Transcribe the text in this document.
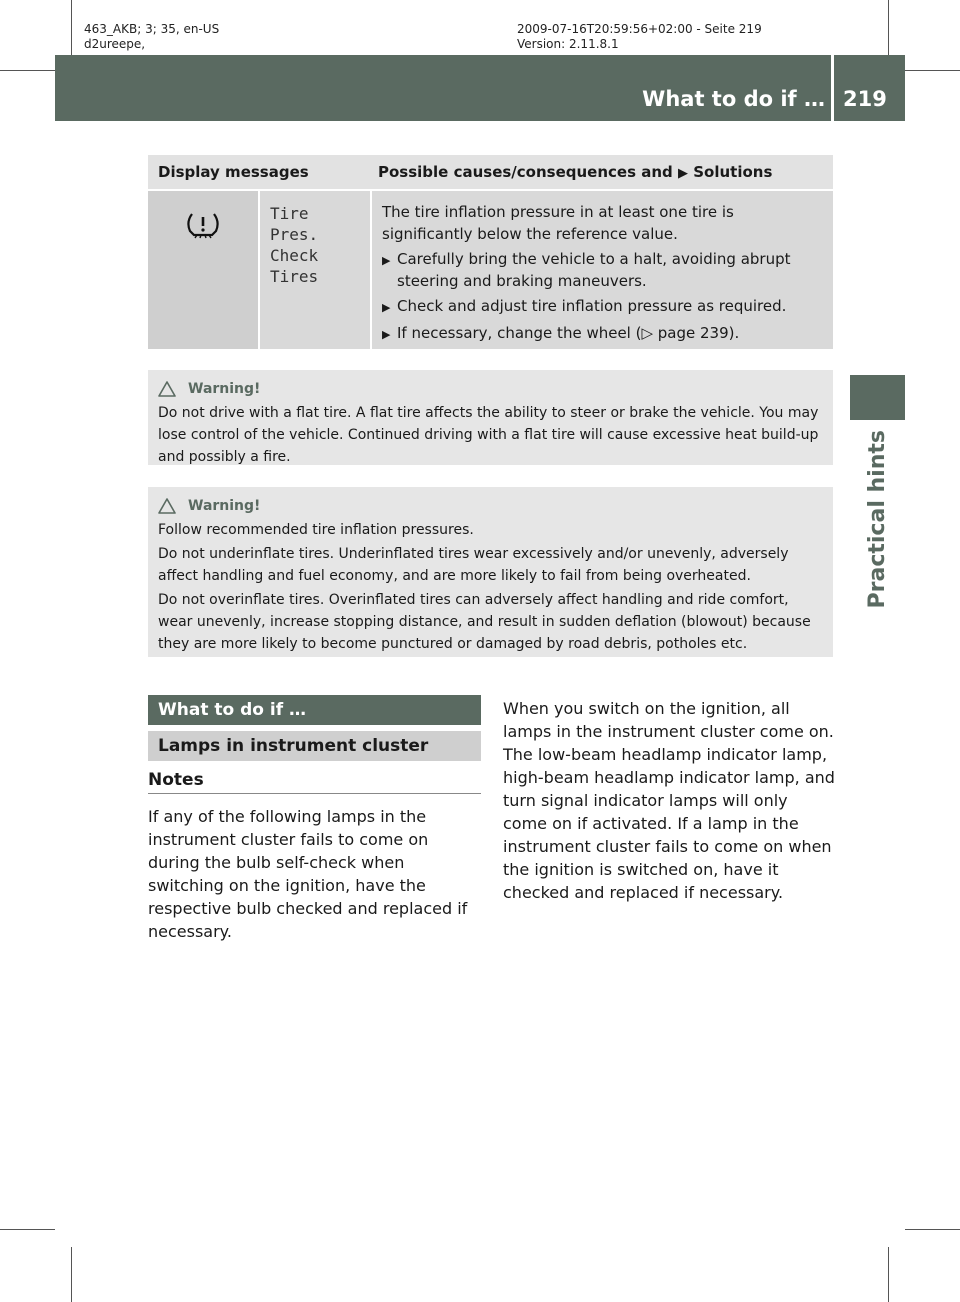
463_AKB; 3; 35, en-US
d2ureepe,
2009-07-16T20:59:56+02:00 - Seite 219
Version: 2.11.8.1
What to do if … 219
Practical hints
Display messages	Possible causes/consequences and ▶ Solutions
Tire
Pres.
Check
Tires

The tire inflation pressure in at least one tire is significantly below the reference value.

▶ Carefully bring the vehicle to a halt, avoiding abrupt steering and braking maneuvers.
▶ Check and adjust tire inflation pressure as required.
▶ If necessary, change the wheel (▷ page 239).
Warning!

Do not drive with a flat tire. A flat tire affects the ability to steer or brake the vehicle. You may lose control of the vehicle. Continued driving with a flat tire will cause excessive heat build-up and possibly a fire.

Warning!

Follow recommended tire inflation pressures.

Do not underinflate tires. Underinflated tires wear excessively and/or unevenly, adversely affect handling and fuel economy, and are more likely to fail from being overheated.

Do not overinflate tires. Overinflated tires can adversely affect handling and ride comfort, wear unevenly, increase stopping distance, and result in sudden deflation (blowout) because they are more likely to become punctured or damaged by road debris, potholes etc.

What to do if …
Lamps in instrument cluster
Notes
If any of the following lamps in the instrument cluster fails to come on during the bulb self-check when switching on the ignition, have the respective bulb checked and replaced if necessary.
When you switch on the ignition, all lamps in the instrument cluster come on. The low-beam headlamp indicator lamp, high-beam headlamp indicator lamp, and turn signal indicator lamps will only come on if activated. If a lamp in the instrument cluster fails to come on when the ignition is switched on, have it checked and replaced if necessary.
